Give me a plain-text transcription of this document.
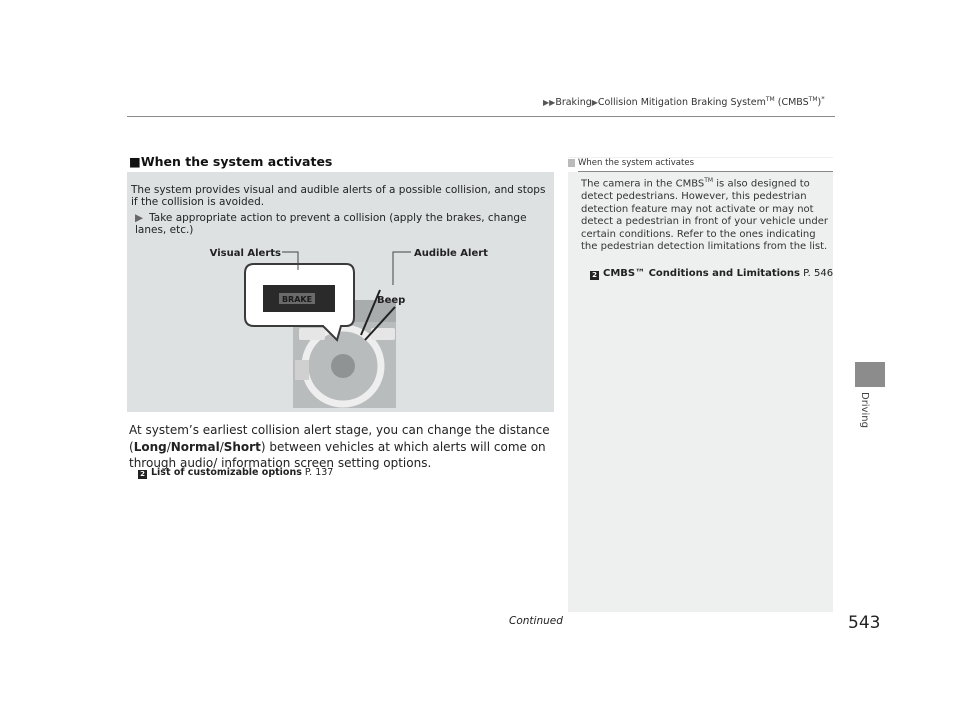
▶▶Braking▶Collision Mitigation Braking System™ (CMBS™)*
Driving
■When the system activates
The system provides visual and audible alerts of a possible collision, and stops if the collision is avoided.
▶ Take appropriate action to prevent a collision (apply the brakes, change lanes, etc.)
BRAKE
Visual Alerts	Audible Alert
Beep
At system’s earliest collision alert stage, you can change the distance (Long/Normal/Short) between vehicles at which alerts will come on through audio/ information screen setting options.
2 List of customizable options P. 137
When the system activates
The camera in the CMBS™ is also designed to detect pedestrians. However, this pedestrian detection feature may not activate or may not detect a pedestrian in front of your vehicle under certain conditions. Refer to the ones indicating the pedestrian detection limitations from the list.
2 CMBS™ Conditions and Limitations P. 546
Continued	543
